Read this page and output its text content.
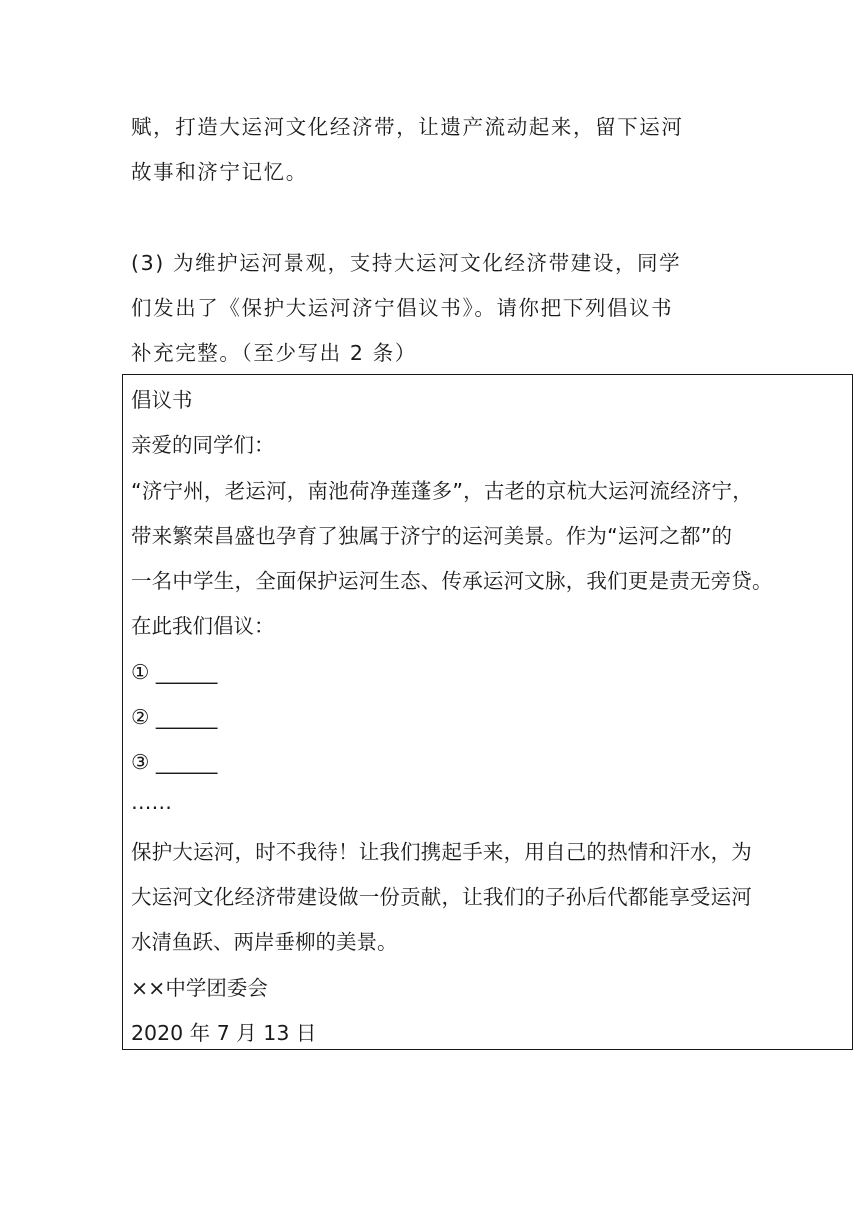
赋，打造大运河文化经济带，让遗产流动起来，留下运河
故事和济宁记忆。
(3) 为维护运河景观，支持大运河文化经济带建设，同学
们发出了《保护大运河济宁倡议书》。请你把下列倡议书
补充完整。（至少写出 2 条）
倡议书
亲爱的同学们：
“济宁州，老运河，南池荷净莲蓬多”，古老的京杭大运河流经济宁，
带来繁荣昌盛也孕育了独属于济宁的运河美景。作为“运河之都”的
一名中学生，全面保护运河生态、传承运河文脉，我们更是责无旁贷。
在此我们倡议：
① ______
② ______
③ ______
……
保护大运河，时不我待！让我们携起手来，用自己的热情和汗水，为
大运河文化经济带建设做一份贡献，让我们的子孙后代都能享受运河
水清鱼跃、两岸垂柳的美景。
××中学团委会
2020 年 7 月 13 日
